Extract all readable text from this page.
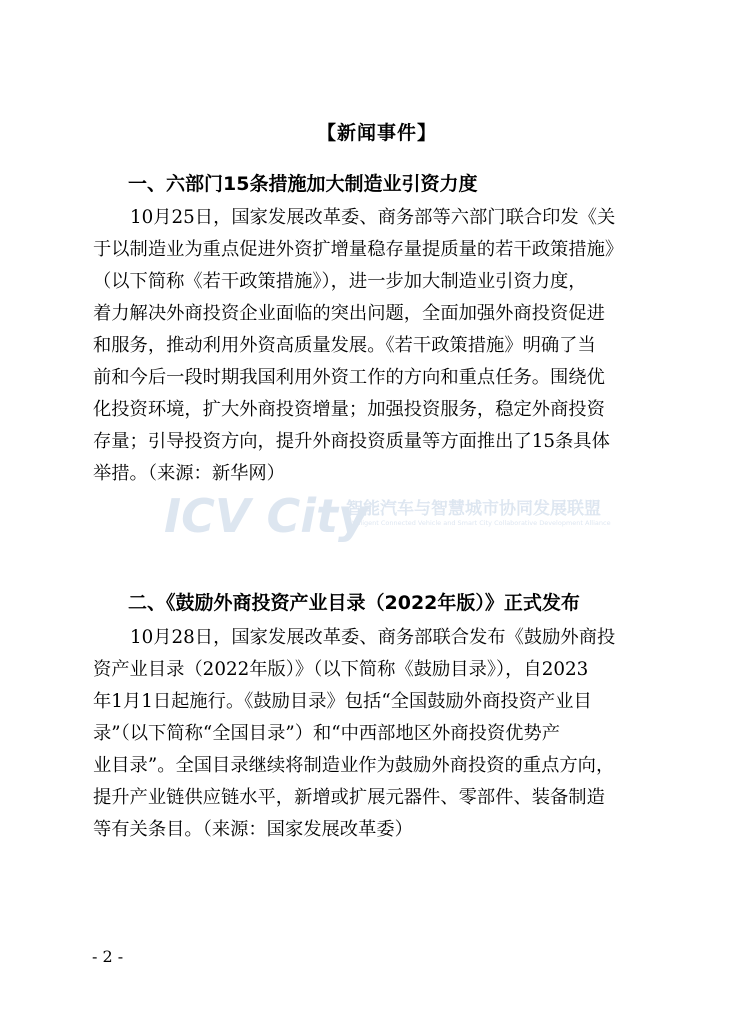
【新闻事件】
一、六部门15条措施加大制造业引资力度
10月25日，国家发展改革委、商务部等六部门联合印发《关
于以制造业为重点促进外资扩增量稳存量提质量的若干政策措施》
（以下简称《若干政策措施》），进一步加大制造业引资力度，
着力解决外商投资企业面临的突出问题，全面加强外商投资促进
和服务，推动利用外资高质量发展。《若干政策措施》明确了当
前和今后一段时期我国利用外资工作的方向和重点任务。围绕优
化投资环境，扩大外商投资增量；加强投资服务，稳定外商投资
存量；引导投资方向，提升外商投资质量等方面推出了15条具体
举措。（来源：新华网）
ICV City
智能汽车与智慧城市协同发展联盟
Intelligent Connected Vehicle and Smart City Collaborative Development Alliance
二、《鼓励外商投资产业目录（2022年版）》正式发布
10月28日，国家发展改革委、商务部联合发布《鼓励外商投
资产业目录（2022年版）》（以下简称《鼓励目录》），自2023
年1月1日起施行。《鼓励目录》包括“全国鼓励外商投资产业目
录”（以下简称“全国目录”）和“中西部地区外商投资优势产
业目录”。全国目录继续将制造业作为鼓励外商投资的重点方向，
提升产业链供应链水平，新增或扩展元器件、零部件、装备制造
等有关条目。（来源：国家发展改革委）
- 2 -
